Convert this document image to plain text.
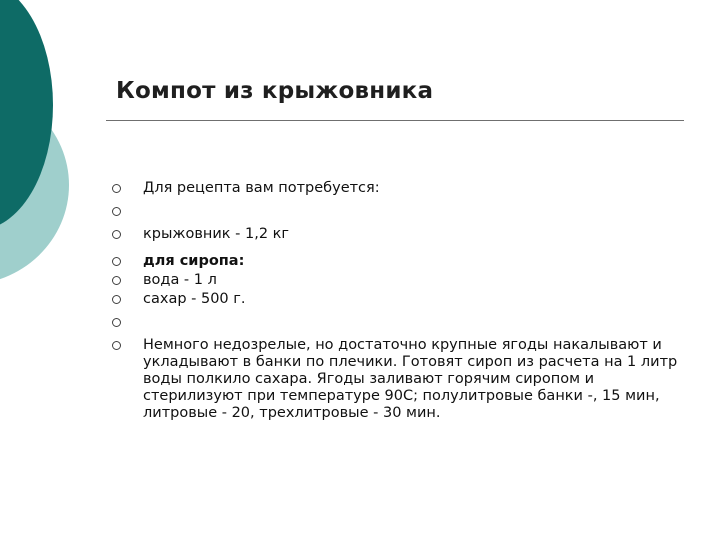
Компот из крыжовника
Для рецепта вам потребуется:
крыжовник - 1,2 кг
для сиропа:
вода - 1 л
сахар - 500 г.
Немного недозрелые, но достаточно крупные ягоды накалывают и укладывают в банки по плечики. Готовят сироп из расчета на 1 литр воды полкило сахара. Ягоды заливают горячим сиропом и стерилизуют при температуре 90С; полулитровые банки -, 15 мин, литровые - 20, трехлитровые - 30 мин.
